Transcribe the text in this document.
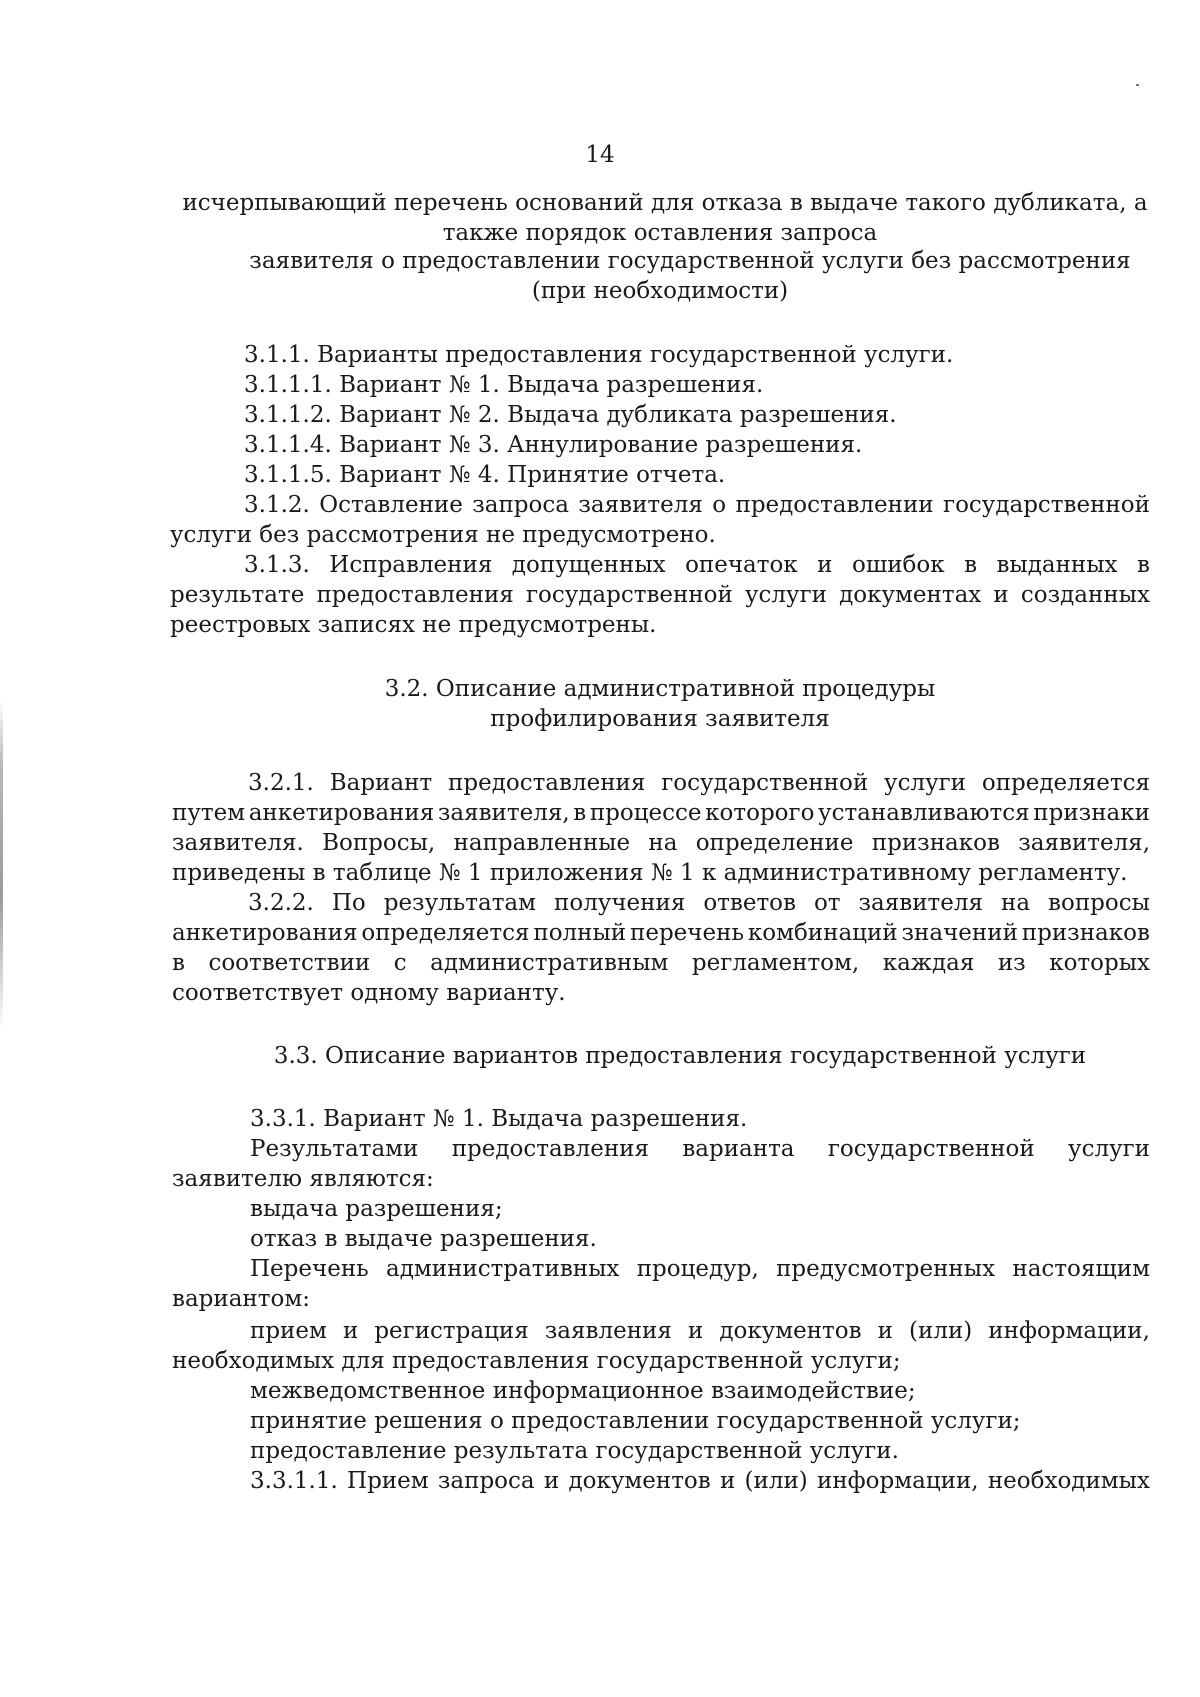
14
исчерпывающий перечень оснований для отказа в выдаче такого дубликата, а
также порядок оставления запроса
заявителя о предоставлении государственной услуги без рассмотрения
(при необходимости)
3.1.1. Варианты предоставления государственной услуги.
3.1.1.1. Вариант № 1. Выдача разрешения.
3.1.1.2. Вариант № 2. Выдача дубликата разрешения.
3.1.1.4. Вариант № 3. Аннулирование разрешения.
3.1.1.5. Вариант № 4. Принятие отчета.
3.1.2. Оставление запроса заявителя о предоставлении государственной
услуги без рассмотрения не предусмотрено.
3.1.3. Исправления допущенных опечаток и ошибок в выданных в
результате предоставления государственной услуги документах и созданных
реестровых записях не предусмотрены.
3.2. Описание административной процедуры
профилирования заявителя
3.2.1. Вариант предоставления государственной услуги определяется
путем анкетирования заявителя, в процессе которого устанавливаются признаки
заявителя. Вопросы, направленные на определение признаков заявителя,
приведены в таблице № 1 приложения № 1 к административному регламенту.
3.2.2. По результатам получения ответов от заявителя на вопросы
анкетирования определяется полный перечень комбинаций значений признаков
в соответствии с административным регламентом, каждая из которых
соответствует одному варианту.
3.3. Описание вариантов предоставления государственной услуги
3.3.1. Вариант № 1. Выдача разрешения.
Результатами предоставления варианта государственной услуги
заявителю являются:
выдача разрешения;
отказ в выдаче разрешения.
Перечень административных процедур, предусмотренных настоящим
вариантом:
прием и регистрация заявления и документов и (или) информации,
необходимых для предоставления государственной услуги;
межведомственное информационное взаимодействие;
принятие решения о предоставлении государственной услуги;
предоставление результата государственной услуги.
3.3.1.1. Прием запроса и документов и (или) информации, необходимых
